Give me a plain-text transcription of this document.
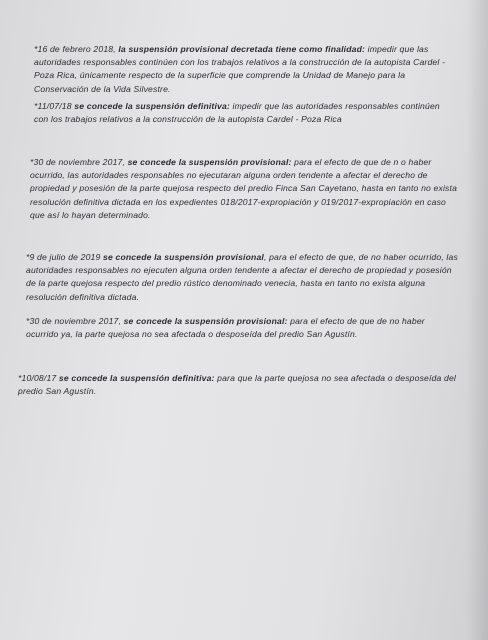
*16 de febrero 2018, la suspensión provisional decretada tiene como finalidad: impedir que las autoridades responsables continúen con los trabajos relativos a la construcción de la autopista Cardel - Poza Rica, únicamente respecto de la superficie que comprende la Unidad de Manejo para la Conservación de la Vida Silvestre.

*11/07/18 se concede la suspensión definitiva: impedir que las autoridades responsables continúen con los trabajos relativos a la construcción de la autopista Cardel - Poza Rica

*30 de noviembre 2017, se concede la suspensión provisional: para el efecto de que de n o haber ocurrido, las autoridades responsables no ejecutaran alguna orden tendente a afectar el derecho de propiedad y posesión de la parte quejosa respecto del predio Finca San Cayetano, hasta en tanto no exista resolución definitiva dictada en los expedientes 018/2017-expropiación y 019/2017-expropiación en caso que así lo hayan determinado.

*9 de julio de 2019 se concede la suspensión provisional, para el efecto de que, de no haber ocurrido, las autoridades responsables no ejecuten alguna orden tendente a afectar el derecho de propiedad y posesión de la parte quejosa respecto del predio rústico denominado venecia, hasta en tanto no exista alguna resolución definitiva dictada.

*30 de noviembre 2017, se concede la suspensión provisional: para el efecto de que de no haber ocurrido ya, la parte quejosa no sea afectada o desposeída del predio San Agustín.

*10/08/17 se concede la suspensión definitiva: para que la parte quejosa no sea afectada o desposeída del predio San Agustín.
